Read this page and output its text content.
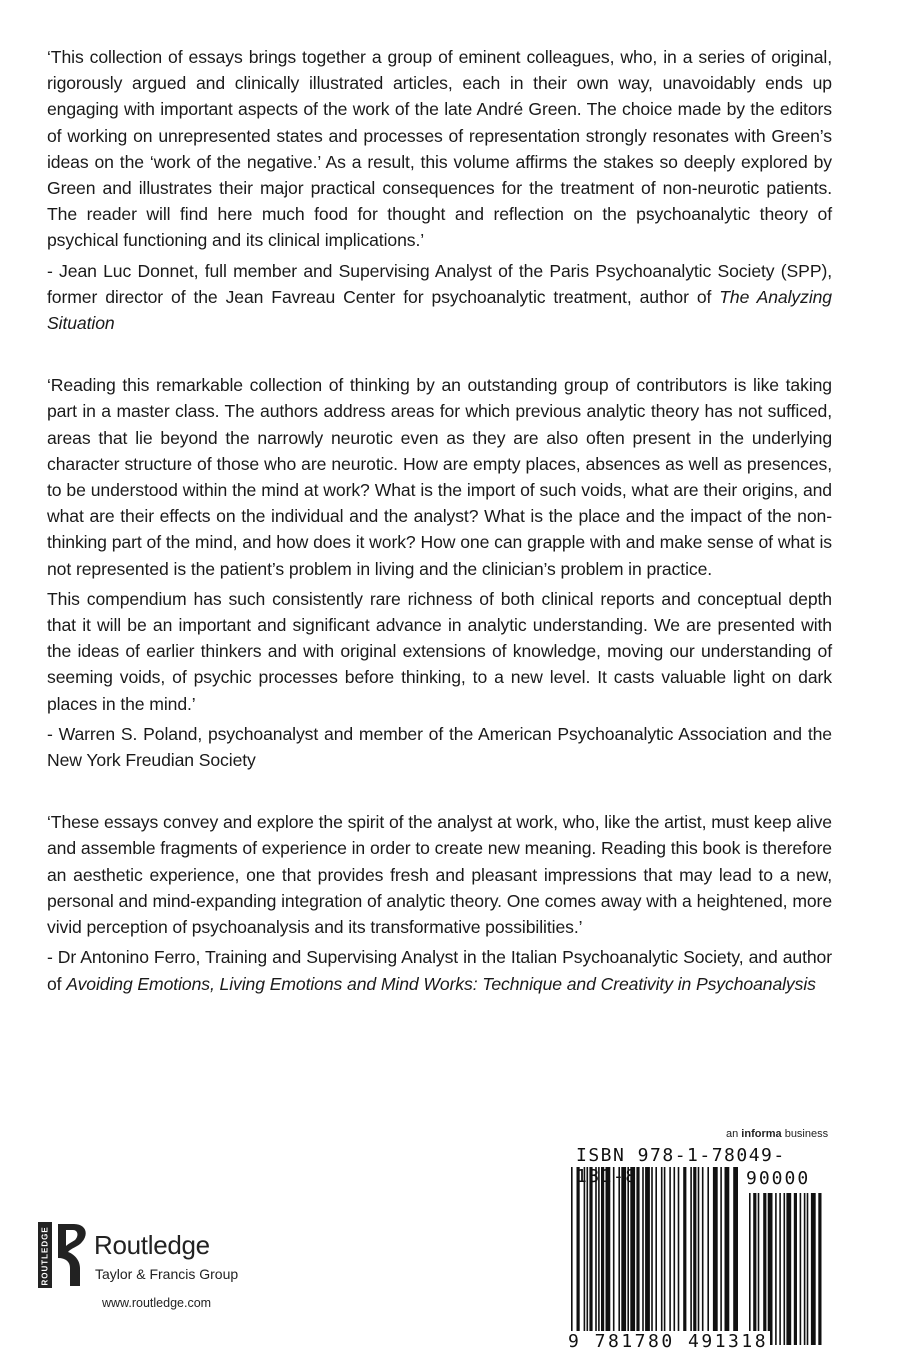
‘This collection of essays brings together a group of eminent colleagues, who, in a series of original, rigorously argued and clinically illustrated articles, each in their own way, unavoidably ends up engaging with important aspects of the work of the late André Green. The choice made by the editors of working on unrepresented states and processes of representation strongly resonates with Green’s ideas on the ‘work of the negative.’ As a result, this volume affirms the stakes so deeply explored by Green and illustrates their major practical consequences for the treatment of non-neurotic patients. The reader will find here much food for thought and reflection on the psychoanalytic theory of psychical functioning and its clinical implications.’

- Jean Luc Donnet, full member and Supervising Analyst of the Paris Psychoanalytic Society (SPP), former director of the Jean Favreau Center for psychoanalytic treatment, author of The Analyzing Situation

‘Reading this remarkable collection of thinking by an outstanding group of contributors is like taking part in a master class. The authors address areas for which previous analytic theory has not sufficed, areas that lie beyond the narrowly neurotic even as they are also often present in the underlying character structure of those who are neurotic. How are empty places, absences as well as presences, to be understood within the mind at work? What is the import of such voids, what are their origins, and what are their effects on the individual and the analyst? What is the place and the impact of the non-thinking part of the mind, and how does it work? How one can grapple with and make sense of what is not represented is the patient’s problem in living and the clinician’s problem in practice.

This compendium has such consistently rare richness of both clinical reports and conceptual depth that it will be an important and significant advance in analytic understanding. We are presented with the ideas of earlier thinkers and with original extensions of knowledge, moving our understanding of seeming voids, of psychic processes before thinking, to a new level. It casts valuable light on dark places in the mind.’

- Warren S. Poland, psychoanalyst and member of the American Psychoanalytic Association and the New York Freudian Society

‘These essays convey and explore the spirit of the analyst at work, who, like the artist, must keep alive and assemble fragments of experience in order to create new meaning. Reading this book is therefore an aesthetic experience, one that provides fresh and pleasant impressions that may lead to a new, personal and mind-expanding integration of analytic theory. One comes away with a heightened, more vivid perception of psychoanalysis and its transformative possibilities.’

- Dr Antonino Ferro, Training and Supervising Analyst in the Italian Psychoanalytic Society, and author of Avoiding Emotions, Living Emotions and Mind Works: Technique and Creativity in Psychoanalysis

an informa business
ISBN 978-1-78049-131-8	90000
9 781780 491318
ROUTLEDGE Routledge
Taylor & Francis Group
www.routledge.com
